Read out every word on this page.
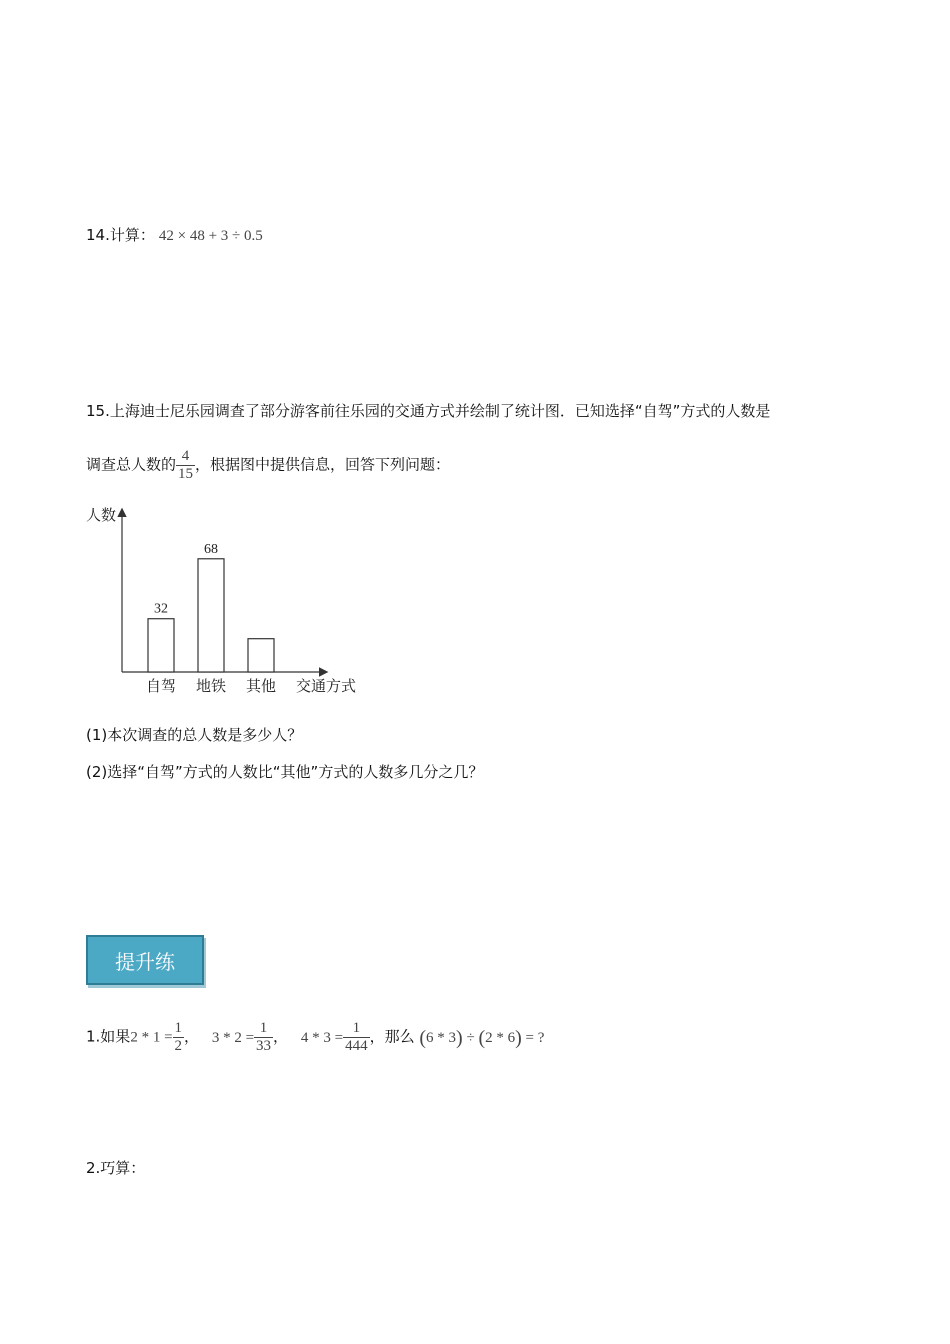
14.计算： 42 × 48 + 3 ÷ 0.5
15.上海迪士尼乐园调查了部分游客前往乐园的交通方式并绘制了统计图．已知选择“自驾”方式的人数是
调查总人数的 $\frac{4}{15}$ ，根据图中提供信息，回答下列问题：
人数
交通方式
32
自驾
68
地铁 其他
(1)本次调查的总人数是多少人？
(2)选择“自驾”方式的人数比“其他”方式的人数多几分之几？
提升练
1.如果$2 * 1 = \frac{1}{2}$ ， $3 * 2 = \frac{1}{33}$ ， $4 * 3 = \frac{1}{444}$ ，那么 (6 * 3) ÷ (2 * 6) = ?
2.巧算：
